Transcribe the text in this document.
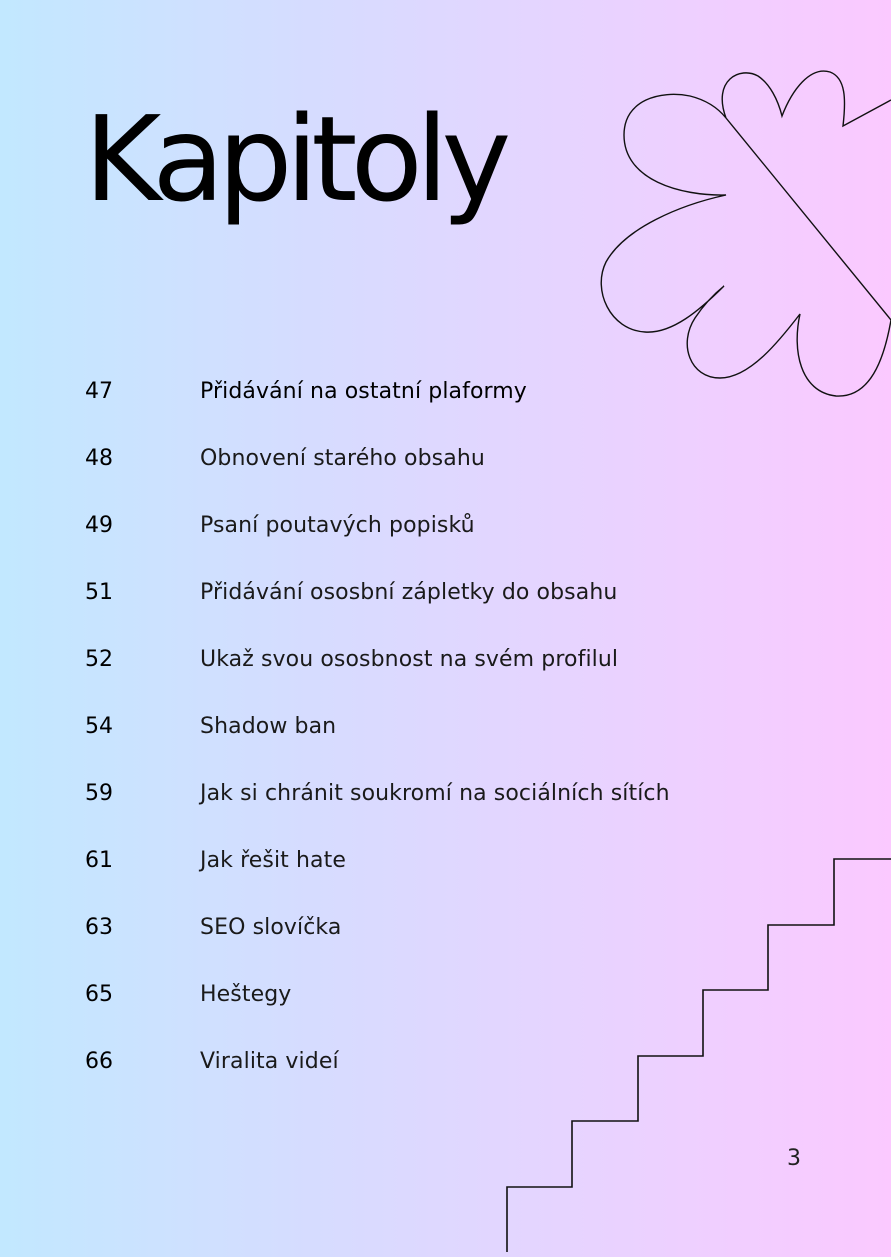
Kapitoly
47	Přidávání na ostatní plaformy
48	Obnovení starého obsahu
49	Psaní poutavých popisků
51	Přidávání ososbní zápletky do obsahu
52	Ukaž svou ososbnost na svém profilul
54	Shadow ban
59	Jak si chránit soukromí na sociálních sítích
61	Jak řešit hate
63	SEO slovíčka
65	Heštegy
66	Viralita videí
3
